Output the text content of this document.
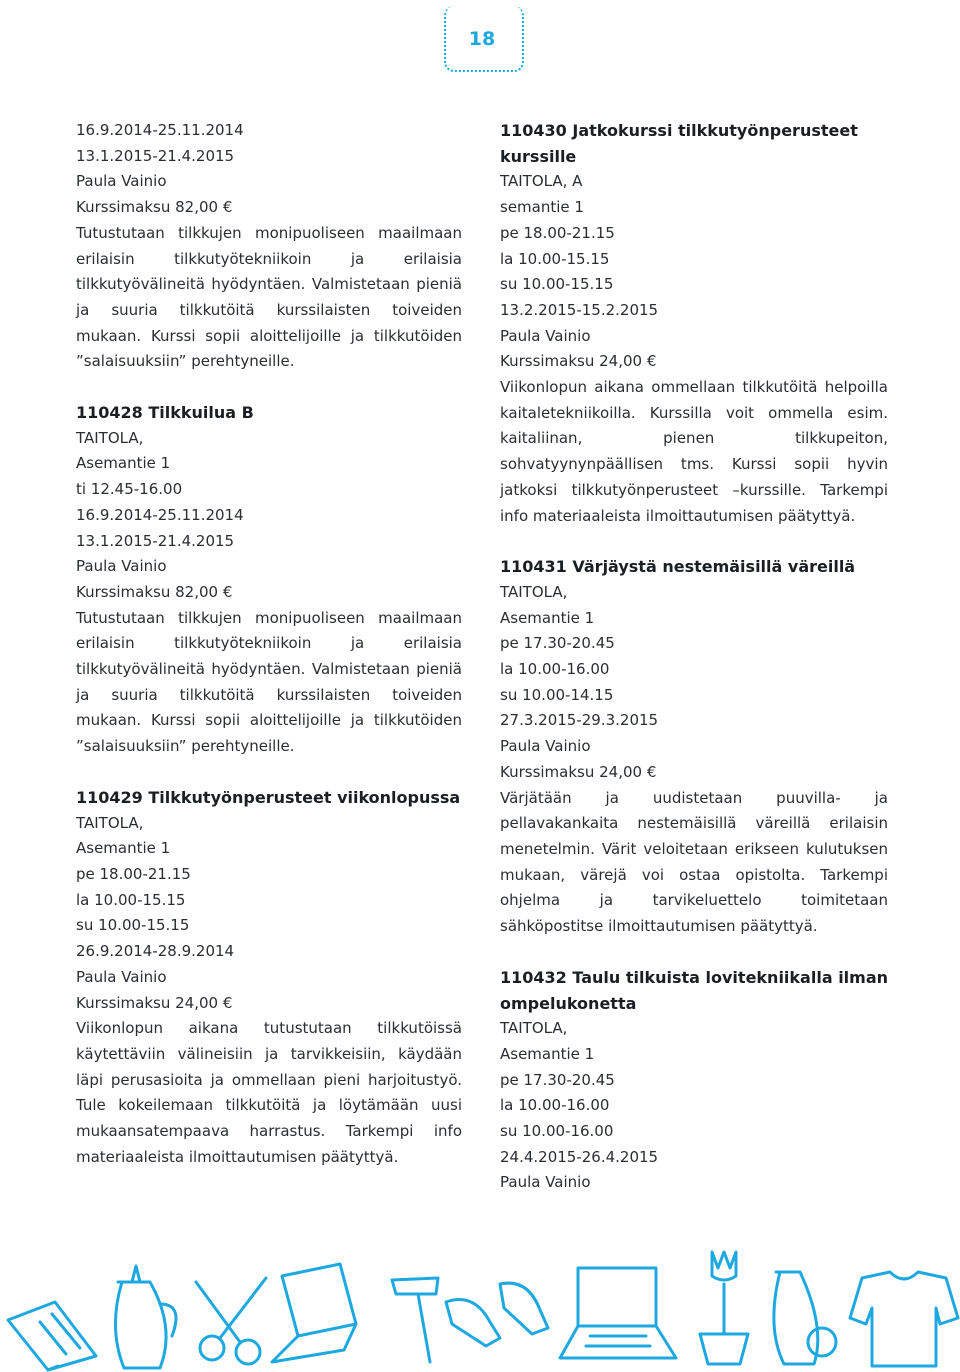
18
16.9.2014-25.11.2014
13.1.2015-21.4.2015
Paula Vainio
Kurssimaksu 82,00 €
Tutustutaan tilkkujen monipuoliseen maailmaan erilaisin tilkkutyötekniikoin ja erilaisia tilkkutyövälineitä hyödyntäen. Valmistetaan pieniä ja suuria tilkkutöitä kurssilaisten toiveiden mukaan. Kurssi sopii aloittelijoille ja tilkkutöiden ”salaisuuksiin” perehtyneille.
110428 Tilkkuilua B
TAITOLA,
Asemantie 1
ti 12.45-16.00
16.9.2014-25.11.2014
13.1.2015-21.4.2015
Paula Vainio
Kurssimaksu 82,00 €
Tutustutaan tilkkujen monipuoliseen maailmaan erilaisin tilkkutyötekniikoin ja erilaisia tilkkutyövälineitä hyödyntäen. Valmistetaan pieniä ja suuria tilkkutöitä kurssilaisten toiveiden mukaan. Kurssi sopii aloittelijoille ja tilkkutöiden ”salaisuuksiin” perehtyneille.
110429 Tilkkutyönperusteet viikonlopussa
TAITOLA,
Asemantie 1
pe 18.00-21.15
la 10.00-15.15
su 10.00-15.15
26.9.2014-28.9.2014
Paula Vainio
Kurssimaksu 24,00 €
Viikonlopun aikana tutustutaan tilkkutöissä käytettäviin välineisiin ja tarvikkeisiin, käydään läpi perusasioita ja ommellaan pieni harjoitustyö. Tule kokeilemaan tilkkutöitä ja löytämään uusi mukaansatempaava harrastus. Tarkempi info materiaaleista ilmoittautumisen päätyttyä.
110430 Jatkokurssi tilkkutyönperusteet kurssille
TAITOLA, A
semantie 1
pe 18.00-21.15
la 10.00-15.15
su 10.00-15.15
13.2.2015-15.2.2015
Paula Vainio
Kurssimaksu 24,00 €
Viikonlopun aikana ommellaan tilkkutöitä helpoilla kaitaletekniikoilla. Kurssilla voit ommella esim. kaitaliinan, pienen tilkkupeiton, sohvatyynynpäällisen tms. Kurssi sopii hyvin jatkoksi tilkkutyönperusteet –kurssille. Tarkempi info materiaaleista ilmoittautumisen päätyttyä.
110431 Värjäystä nestemäisillä väreillä
TAITOLA,
Asemantie 1
pe 17.30-20.45
la 10.00-16.00
su 10.00-14.15
27.3.2015-29.3.2015
Paula Vainio
Kurssimaksu 24,00 €
Värjätään ja uudistetaan puuvilla- ja pellavakankaita nestemäisillä väreillä erilaisin menetelmin. Värit veloitetaan erikseen kulutuksen mukaan, värejä voi ostaa opistolta. Tarkempi ohjelma ja tarvikeluettelo toimitetaan sähköpostitse ilmoittautumisen päätyttyä.
110432 Taulu tilkuista lovitekniikalla ilman ompelukonetta
TAITOLA,
Asemantie 1
pe 17.30-20.45
la 10.00-16.00
su 10.00-16.00
24.4.2015-26.4.2015
Paula Vainio
